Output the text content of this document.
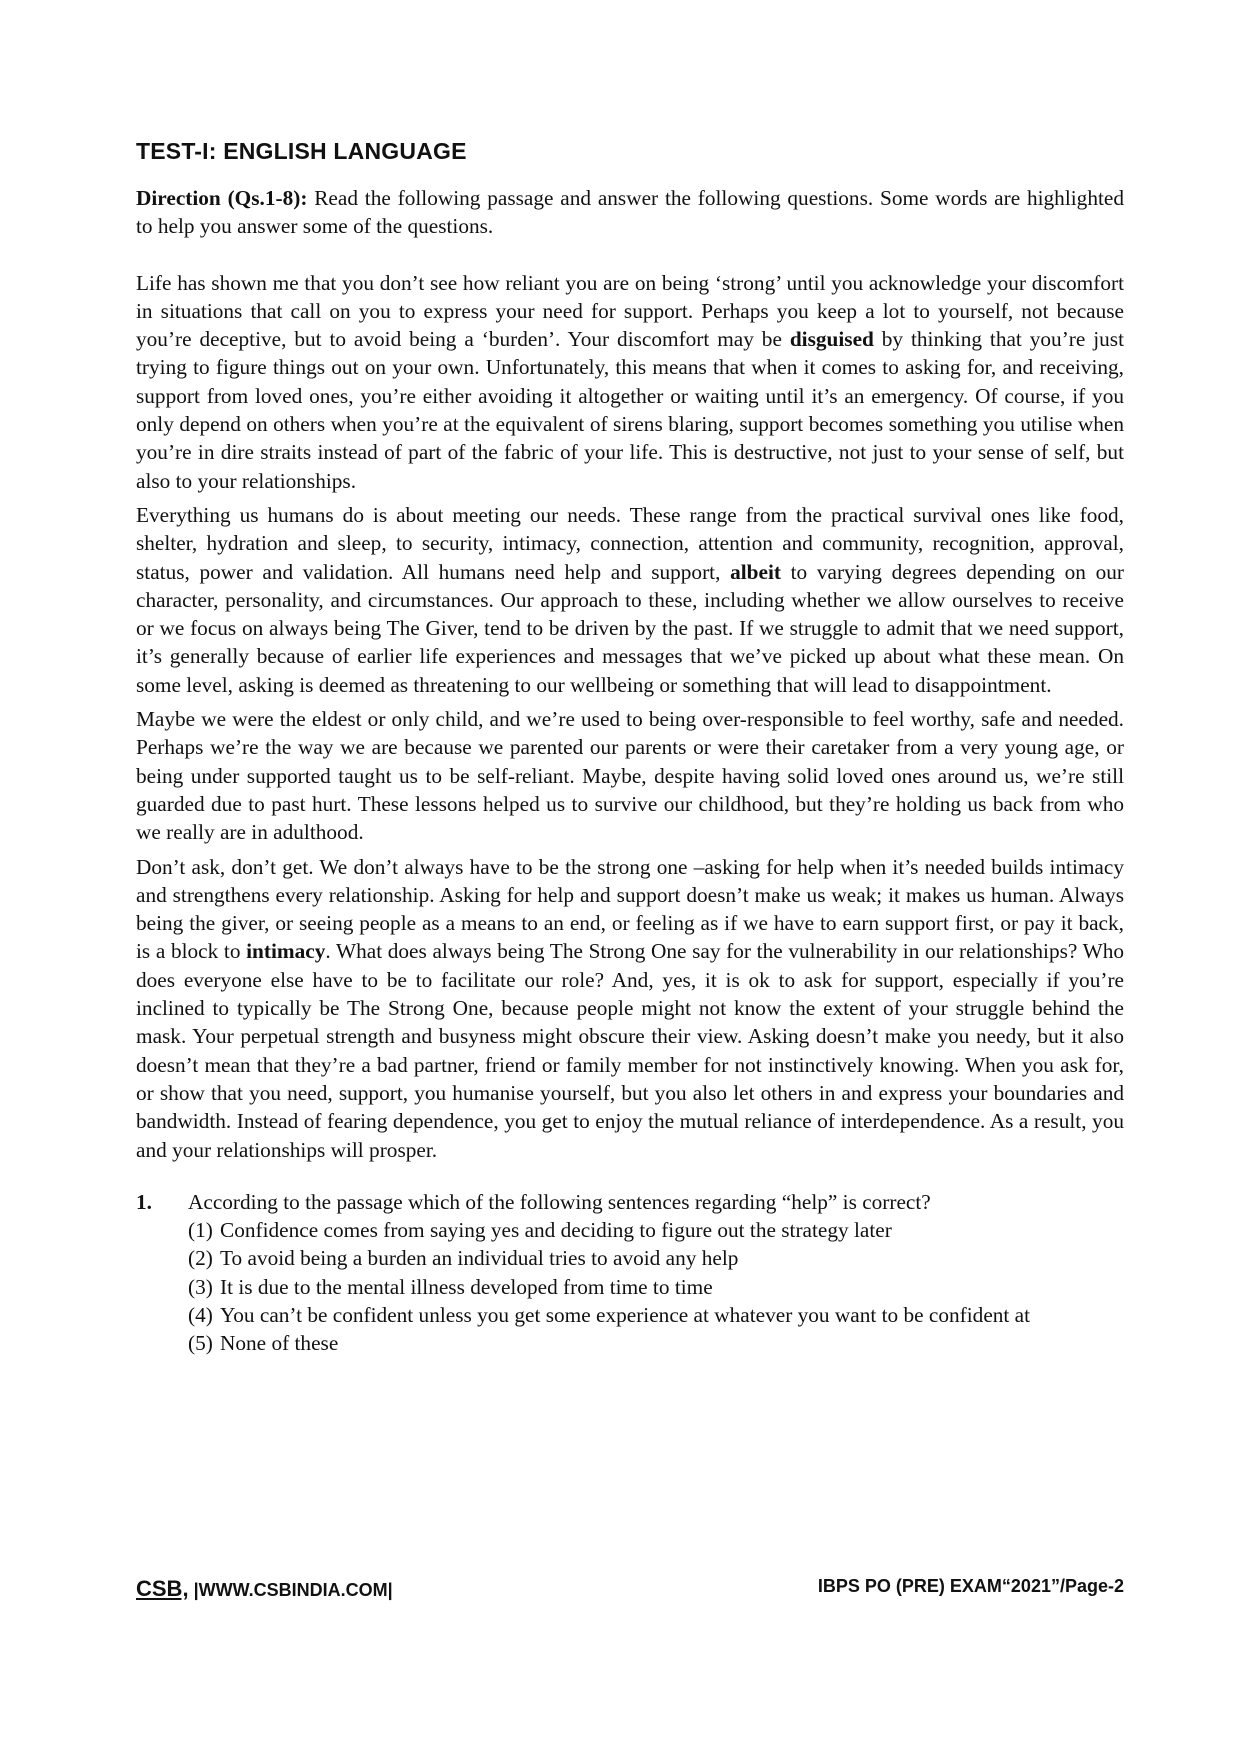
TEST-I: ENGLISH LANGUAGE

Direction (Qs.1-8): Read the following passage and answer the following questions. Some words are highlighted to help you answer some of the questions.

Life has shown me that you don’t see how reliant you are on being ‘strong’ until you acknowledge your discomfort in situations that call on you to express your need for support. Perhaps you keep a lot to yourself, not because you’re deceptive, but to avoid being a ‘burden’. Your discomfort may be disguised by thinking that you’re just trying to figure things out on your own. Unfortunately, this means that when it comes to asking for, and receiving, support from loved ones, you’re either avoiding it altogether or waiting until it’s an emergency. Of course, if you only depend on others when you’re at the equivalent of sirens blaring, support becomes something you utilise when you’re in dire straits instead of part of the fabric of your life. This is destructive, not just to your sense of self, but also to your relationships.

Everything us humans do is about meeting our needs. These range from the practical survival ones like food, shelter, hydration and sleep, to security, intimacy, connection, attention and community, recognition, approval, status, power and validation. All humans need help and support, albeit to varying degrees depending on our character, personality, and circumstances. Our approach to these, including whether we allow ourselves to receive or we focus on always being The Giver, tend to be driven by the past. If we struggle to admit that we need support, it’s generally because of earlier life experiences and messages that we’ve picked up about what these mean. On some level, asking is deemed as threatening to our wellbeing or something that will lead to disappointment.

Maybe we were the eldest or only child, and we’re used to being over-responsible to feel worthy, safe and needed. Perhaps we’re the way we are because we parented our parents or were their caretaker from a very young age, or being under supported taught us to be self-reliant. Maybe, despite having solid loved ones around us, we’re still guarded due to past hurt. These lessons helped us to survive our childhood, but they’re holding us back from who we really are in adulthood.

Don’t ask, don’t get. We don’t always have to be the strong one –asking for help when it’s needed builds intimacy and strengthens every relationship. Asking for help and support doesn’t make us weak; it makes us human. Always being the giver, or seeing people as a means to an end, or feeling as if we have to earn support first, or pay it back, is a block to intimacy. What does always being The Strong One say for the vulnerability in our relationships? Who does everyone else have to be to facilitate our role? And, yes, it is ok to ask for support, especially if you’re inclined to typically be The Strong One, because people might not know the extent of your struggle behind the mask. Your perpetual strength and busyness might obscure their view. Asking doesn’t make you needy, but it also doesn’t mean that they’re a bad partner, friend or family member for not instinctively knowing. When you ask for, or show that you need, support, you humanise yourself, but you also let others in and express your boundaries and bandwidth. Instead of fearing dependence, you get to enjoy the mutual reliance of interdependence. As a result, you and your relationships will prosper.

1. According to the passage which of the following sentences regarding “help” is correct?
(1) Confidence comes from saying yes and deciding to figure out the strategy later
(2) To avoid being a burden an individual tries to avoid any help
(3) It is due to the mental illness developed from time to time
(4) You can’t be confident unless you get some experience at whatever you want to be confident at
(5) None of these
CSB, |WWW.CSBINDIA.COM|	IBPS PO (PRE) EXAM“2021”/Page-2
